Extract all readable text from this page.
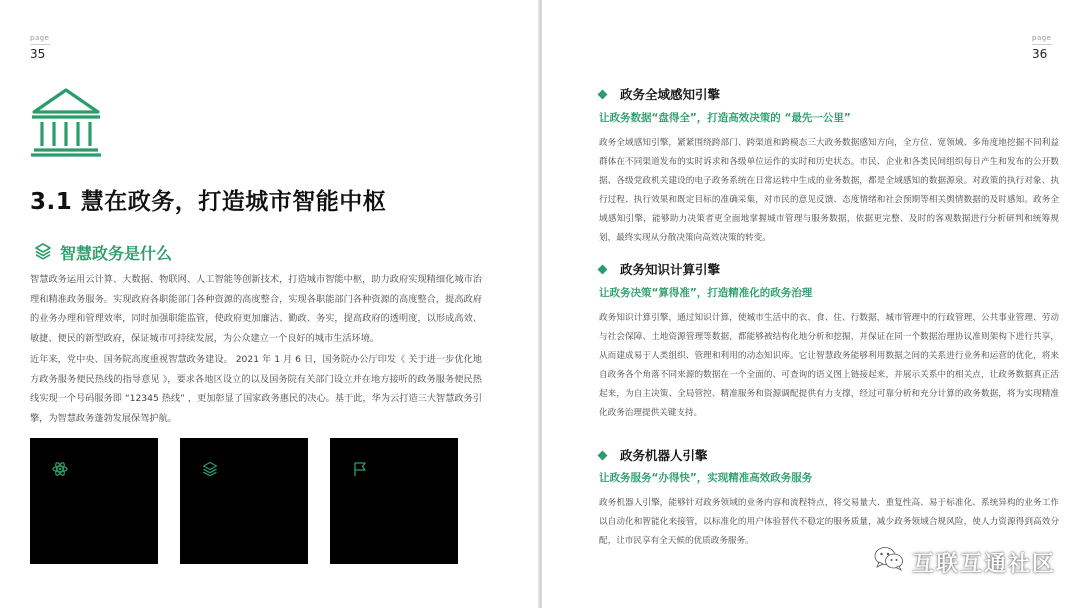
page
35
3.1 慧在政务，打造城市智能中枢
智慧政务是什么
智慧政务运用云计算、大数据、物联网、人工智能等创新技术，打造城市智能中枢，助力政府实现精细化城市治理和精准政务服务。实现政府各职能部门各种资源的高度整合，实现各职能部门各种资源的高度整合，提高政府的业务办理和管理效率，同时加强职能监管，使政府更加廉洁、勤政、务实，提高政府的透明度，以形成高效、敏捷、便民的新型政府，保证城市可持续发展，为公众建立一个良好的城市生活环境。
近年来，党中央、国务院高度重视智慧政务建设。 2021 年 1 月 6 日，国务院办公厅印发《 关于进一步优化地方政务服务便民热线的指导意见 》，要求各地区设立的以及国务院有关部门设立并在地方接听的政务服务便民热线实现一个号码服务即 “12345 热线” ，更加彰显了国家政务惠民的决心。基于此，华为云打造三大智慧政务引擎，为智慧政务蓬勃发展保驾护航。
page
36
政务全域感知引擎
让政务数据“盘得全”，打造高效决策的 “最先一公里”
政务全域感知引擎，紧紧围绕跨部门、跨渠道和跨模态三大政务数据感知方向，全方位、宽领域、多角度地挖掘不同利益群体在不同渠道发布的实时诉求和各级单位运作的实时和历史状态。市民、企业和各类民间组织每日产生和发布的公开数据、各级党政机关建设的电子政务系统在日常运转中生成的业务数据，都是全域感知的数据源泉。对政策的执行对象、执行过程、执行效果和既定目标的准确采集，对市民的意见反馈、态度情绪和社会预期等相关舆情数据的及时感知。政务全域感知引擎，能够助力决策者更全面地掌握城市管理与服务数据，依据更完整、及时的客观数据进行分析研判和统筹规划，最终实现从分散决策向高效决策的转变。
政务知识计算引擎
让政务决策“算得准”，打造精准化的政务治理
政务知识计算引擎，通过知识计算，使城市生活中的衣、食、住、行数据，城市管理中的行政管理、公共事业管理、劳动与社会保障、土地资源管理等数据，都能够被结构化地分析和挖掘，并保证在同一个数据治理协议准则架构下进行共享，从而建成易于人类组织、管理和利用的动态知识库。它让智慧政务能够利用数据之间的关系进行业务和运营的优化，将来自政务各个角落不同来源的数据在一个全面的、可查询的语义图上链接起来，并展示关系中的相关点，让政务数据真正活起来，为自主决策、全局管控、精准服务和资源调配提供有力支撑，经过可靠分析和充分计算的政务数据，将为实现精准化政务治理提供关键支持。
政务机器人引擎
让政务服务“办得快”，实现精准高效政务服务
政务机器人引擎，能够针对政务领域的业务内容和流程特点，将交易量大、重复性高、易于标准化、系统异构的业务工作以自动化和智能化来接管，以标准化的用户体验替代不稳定的服务质量，减少政务领域合规风险，使人力资源得到高效分配，让市民享有全天候的优质政务服务。
互联互通社区
